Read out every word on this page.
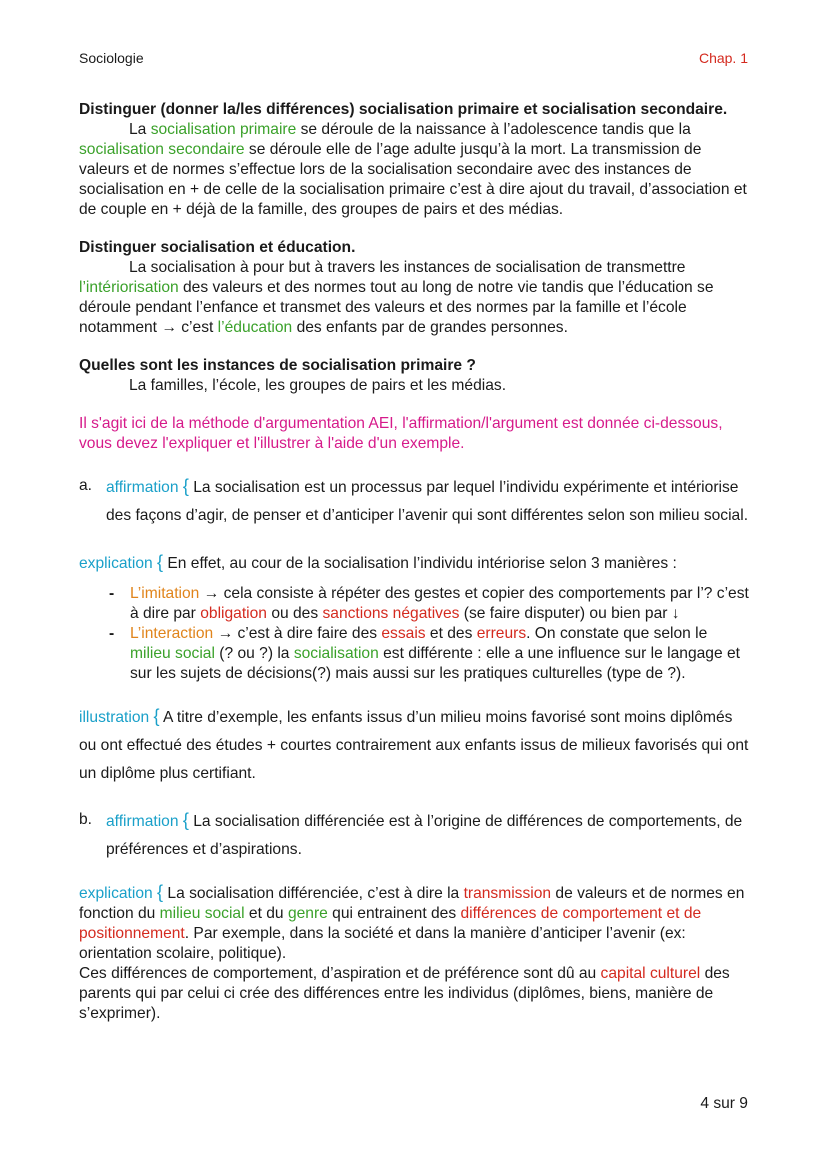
Sociologie	Chap. 1

Distinguer (donner la/les différences) socialisation primaire et socialisation secondaire.

La socialisation primaire se déroule de la naissance à l’adolescence tandis que la socialisation secondaire se déroule elle de l’age adulte jusqu’à la mort. La transmission de valeurs et de normes s’effectue lors de la socialisation secondaire avec des instances de socialisation en + de celle de la socialisation primaire c’est à dire ajout du travail, d’association et de couple en + déjà de la famille, des groupes de pairs et des médias.

Distinguer socialisation et éducation.

La socialisation à pour but à travers les instances de socialisation de transmettre l’intériorisation des valeurs et des normes tout au long de notre vie tandis que l’éducation se déroule pendant l’enfance et transmet des valeurs et des normes par la famille et l’école notamment → c’est l’éducation des enfants par de grandes personnes.

Quelles sont les instances de socialisation primaire ?

La familles, l’école, les groupes de pairs et les médias.

Il s'agit ici de la méthode d'argumentation AEI, l'affirmation/l'argument est donnée ci-dessous, vous devez l'expliquer et l'illustrer à l'aide d'un exemple.

a. affirmation { La socialisation est un processus par lequel l’individu expérimente et intériorise des façons d’agir, de penser et d’anticiper l’avenir qui sont différentes selon son milieu social.

explication { En effet, au cour de la socialisation l’individu intériorise selon 3 manières :

- L’imitation → cela consiste à répéter des gestes et copier des comportements par l’? c’est à dire par obligation ou des sanctions négatives (se faire disputer) ou bien par ↓
- L’interaction → c’est à dire faire des essais et des erreurs. On constate que selon le milieu social (? ou ?) la socialisation est différente : elle a une influence sur le langage et sur les sujets de décisions(?) mais aussi sur les pratiques culturelles (type de ?).

illustration { A titre d’exemple, les enfants issus d’un milieu moins favorisé sont moins diplômés ou ont effectué des études + courtes contrairement aux enfants issus de milieux favorisés qui ont un diplôme plus certifiant.

b. affirmation { La socialisation différenciée est à l’origine de différences de comportements, de préférences et d’aspirations.

explication { La socialisation différenciée, c’est à dire la transmission de valeurs et de normes en fonction du milieu social et du genre qui entrainent des différences de comportement et de positionnement. Par exemple, dans la société et dans la manière d’anticiper l’avenir (ex: orientation scolaire, politique).

Ces différences de comportement, d’aspiration et de préférence sont dû au capital culturel des parents qui par celui ci crée des différences entre les individus (diplômes, biens, manière de s’exprimer).

4 sur 9
